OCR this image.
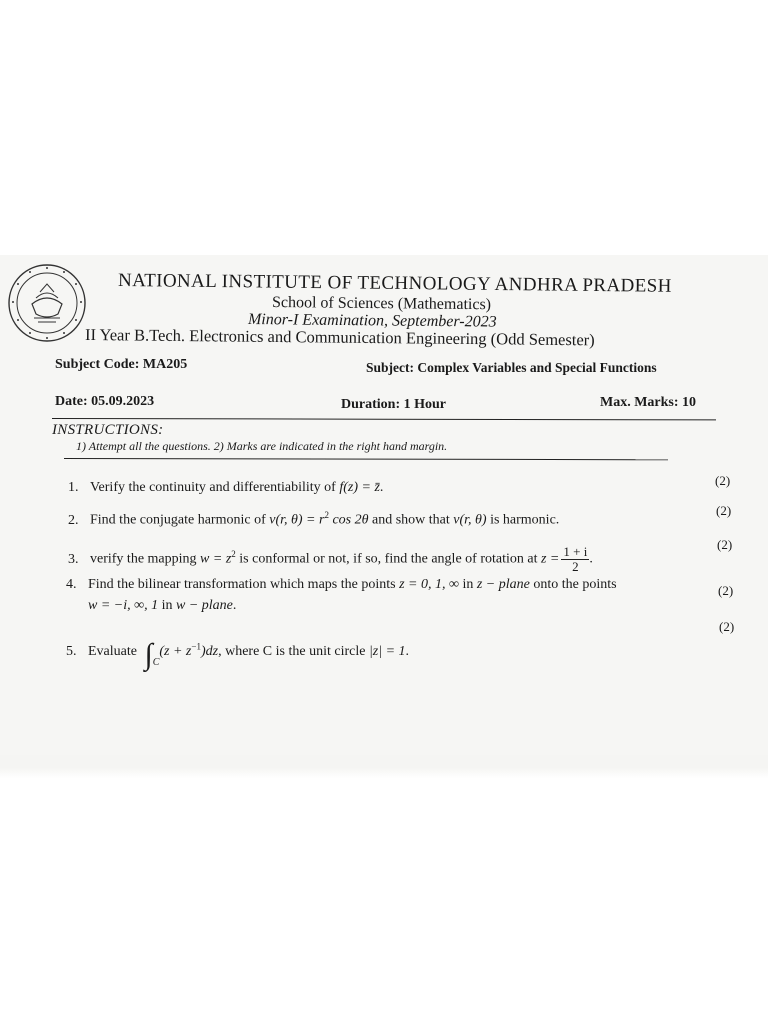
NATIONAL INSTITUTE OF TECHNOLOGY ANDHRA PRADESH
School of Sciences (Mathematics)
Minor-I Examination, September-2023
II Year B.Tech. Electronics and Communication Engineering (Odd Semester)
Subject Code: MA205	Subject: Complex Variables and Special Functions
Date: 05.09.2023	Duration: 1 Hour	Max. Marks: 10
INSTRUCTIONS:
1) Attempt all the questions. 2) Marks are indicated in the right hand margin.
1. Verify the continuity and differentiability of f(z) = z̄.	(2)
2. Find the conjugate harmonic of v(r, $\theta) = r^2$ cos 2θ and show that v(r, θ) is harmonic.
(2)
3. verify the mapping $w = z^2$ is conformal or not, if so, find the angle of rotation at $z = \frac{1 + i}{2}$ .
(2)
4. Find the bilinear transformation which maps the points z = 0, 1, ∞ in z − plane onto the points
w = −i, ∞, 1 in w − plane.
(2)
5. Evaluate $\int_C(z + z^{-1})dz$, where C is the unit circle |z| = 1.
(2)
